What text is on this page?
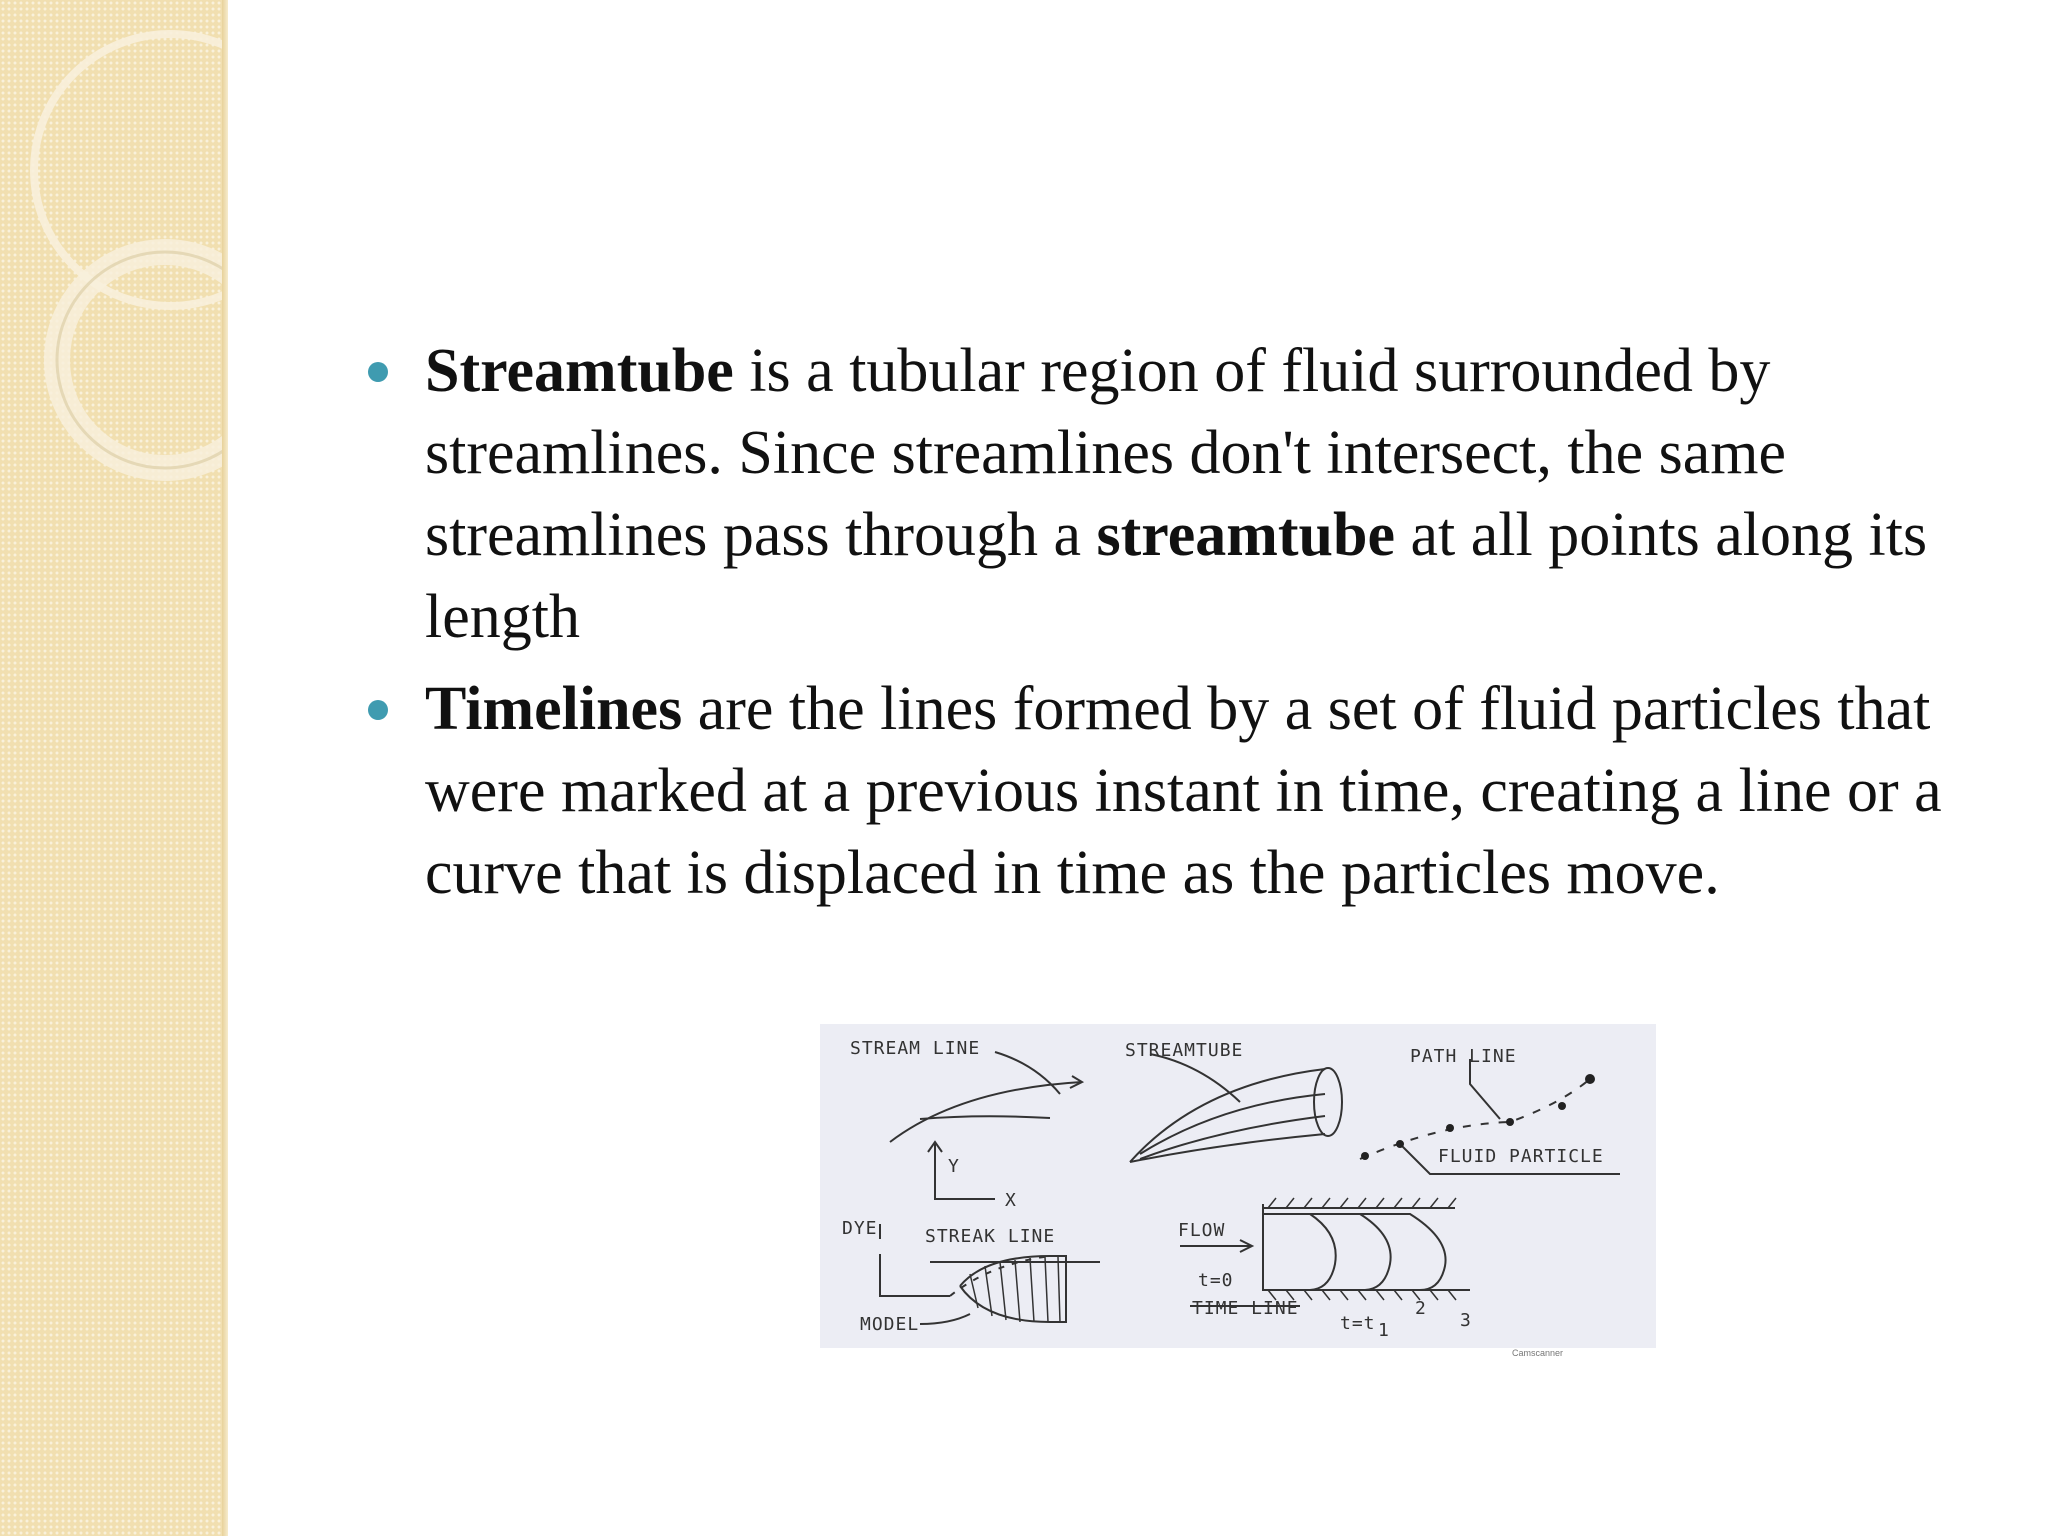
Streamtube is a tubular region of fluid surrounded by streamlines. Since streamlines don't intersect, the same streamlines pass through a streamtube at all points along its length
Timelines are the lines formed by a set of fluid particles that were marked at a previous instant in time, creating a line or a curve that is displaced in time as the particles move.
STREAM LINE	STREAMTUBE	PATH LINE
FLUID PARTICLE
Y
X
DYE	STREAK LINE
MODEL
FLOW
t=0
TIME LINE
t=t 1
2
3
Camscanner
